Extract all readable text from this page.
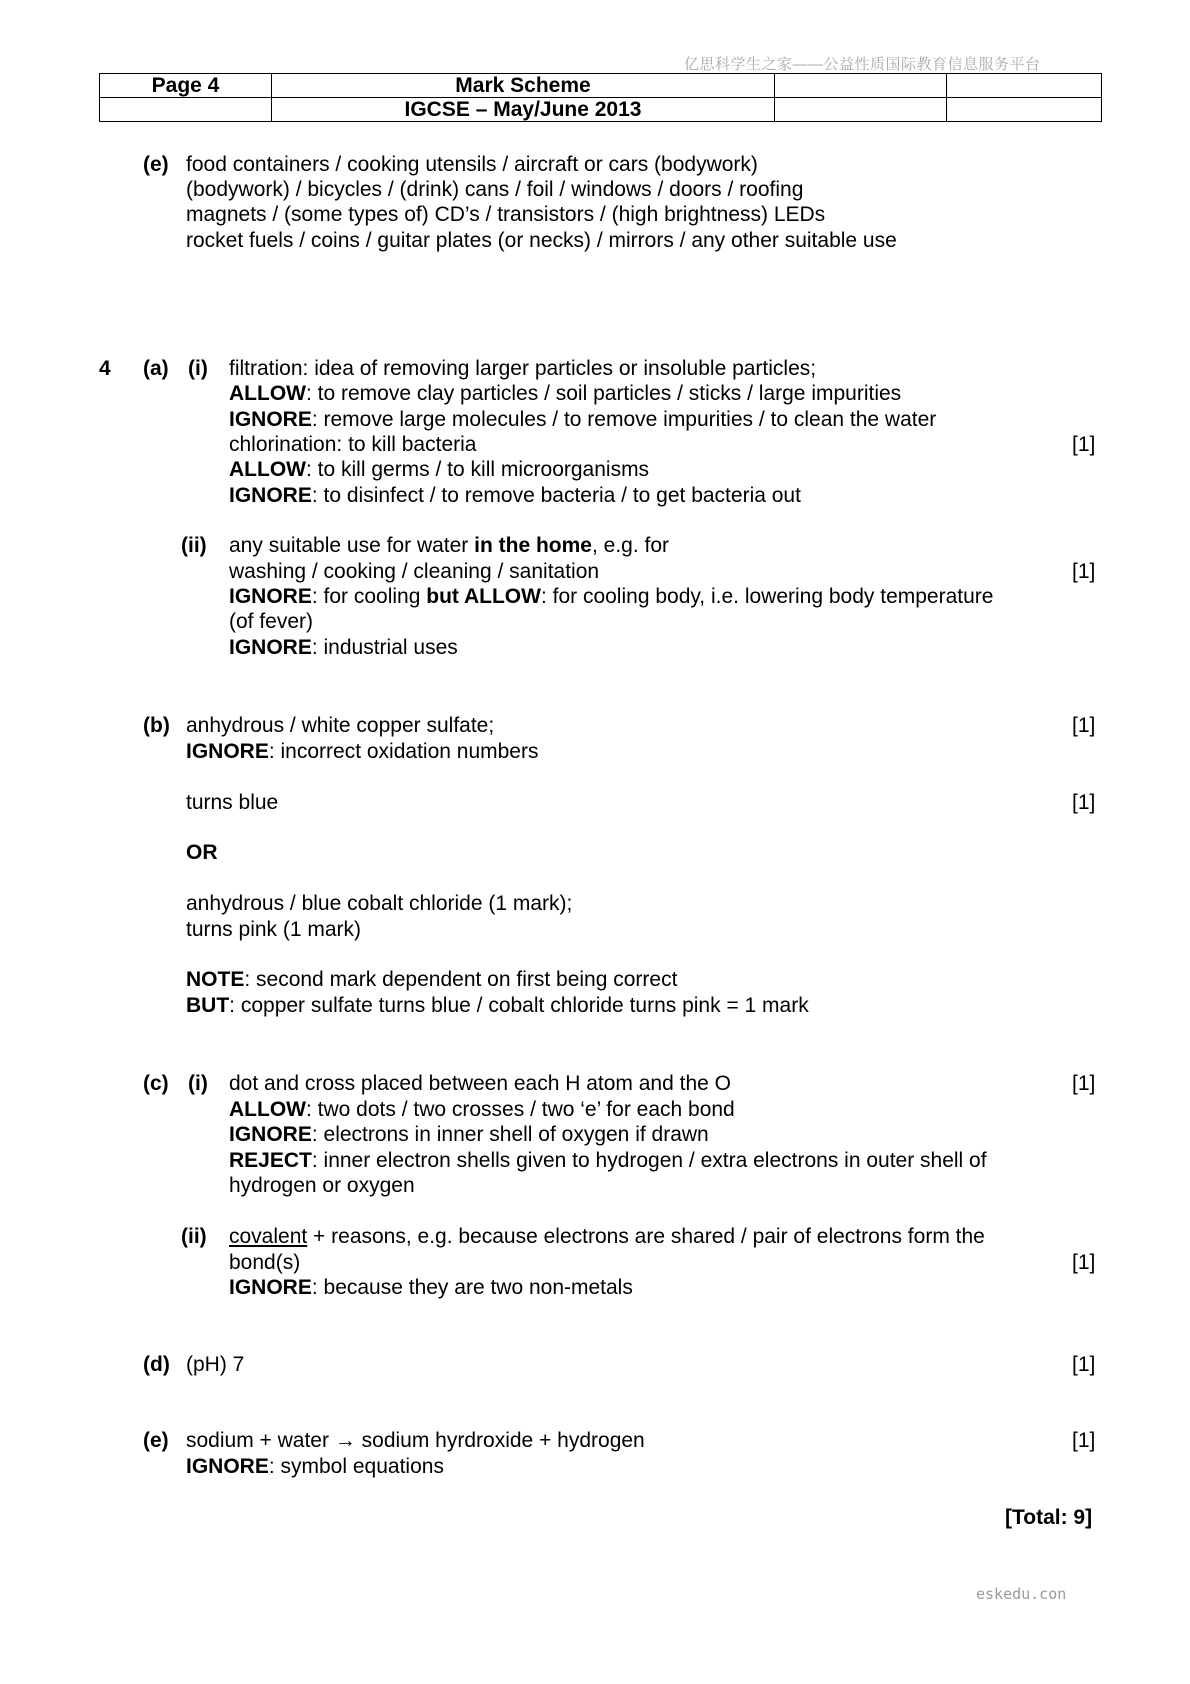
亿思科学生之家——公益性质国际教育信息服务平台
Page 4	Mark Scheme		
	IGCSE – May/June 2013		
(e) food containers / cooking utensils / aircraft or cars (bodywork)
(bodywork) / bicycles / (drink) cans / foil / windows / doors / roofing
magnets / (some types of) CD’s / transistors / (high brightness) LEDs
rocket fuels / coins / guitar plates (or necks) / mirrors / any other suitable use
4 (a) (i) filtration: idea of removing larger particles or insoluble particles;
ALLOW: to remove clay particles / soil particles / sticks / large impurities
IGNORE: remove large molecules / to remove impurities / to clean the water
chlorination: to kill bacteria	[1]
ALLOW: to kill germs / to kill microorganisms
IGNORE: to disinfect / to remove bacteria / to get bacteria out
(ii) any suitable use for water in the home, e.g. for
washing / cooking / cleaning / sanitation	[1]
IGNORE: for cooling but ALLOW: for cooling body, i.e. lowering body temperature
(of fever)
IGNORE: industrial uses
(b) anhydrous / white copper sulfate;	[1]
IGNORE: incorrect oxidation numbers
turns blue	[1]
OR
anhydrous / blue cobalt chloride (1 mark);
turns pink (1 mark)
NOTE: second mark dependent on first being correct
BUT: copper sulfate turns blue / cobalt chloride turns pink = 1 mark
(c) (i) dot and cross placed between each H atom and the O	[1]
ALLOW: two dots / two crosses / two ‘e’ for each bond
IGNORE: electrons in inner shell of oxygen if drawn
REJECT: inner electron shells given to hydrogen / extra electrons in outer shell of
hydrogen or oxygen
(ii) covalent + reasons, e.g. because electrons are shared / pair of electrons form the
bond(s)	[1]
IGNORE: because they are two non-metals
(d) (pH) 7	[1]
(e) sodium + water → sodium hyrdroxide + hydrogen	[1]
IGNORE: symbol equations
[Total: 9]
eskedu.con
